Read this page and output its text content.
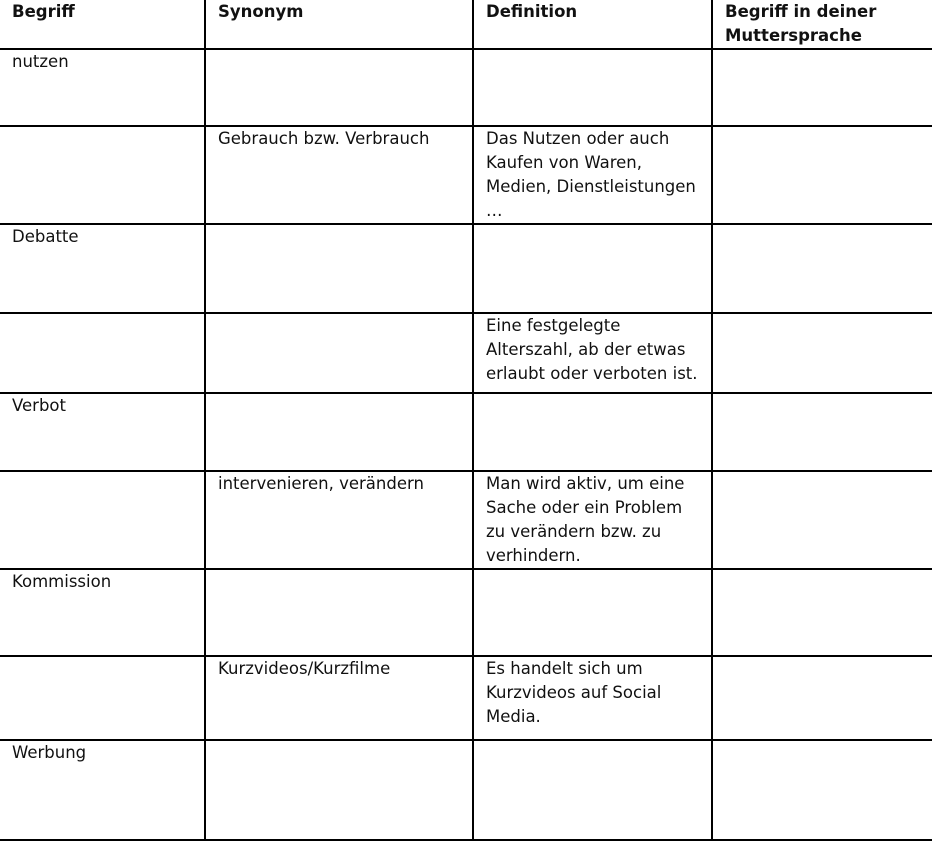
Begriff	Synonym	Definition	Begriff in deiner Muttersprache
nutzen			
	Gebrauch bzw. Verbrauch	Das Nutzen oder auch Kaufen von Waren, Medien, Dienstleistungen …	
Debatte			
		Eine festgelegte Alterszahl, ab der etwas erlaubt oder verboten ist.	
Verbot			
	intervenieren, verändern	Man wird aktiv, um eine Sache oder ein Problem zu verändern bzw. zu verhindern.	
Kommission			
	Kurzvideos/Kurzfilme	Es handelt sich um Kurzvideos auf Social Media.	
Werbung			
